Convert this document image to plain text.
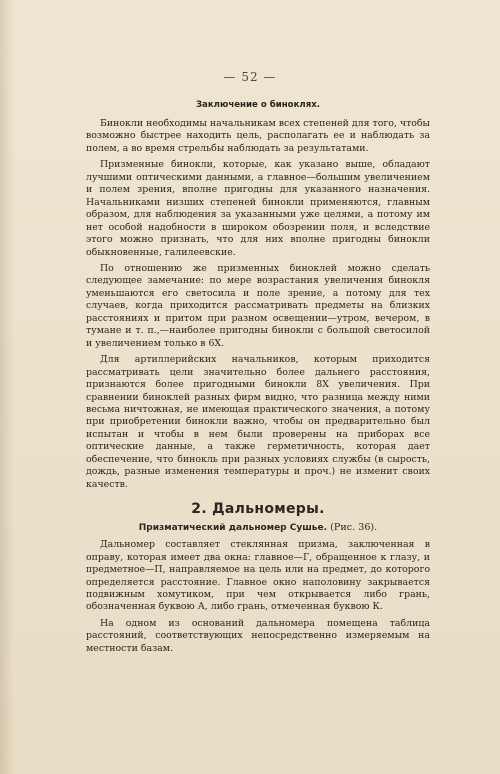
— 52 —
Заключение о биноклях.

Бинокли необходимы начальникам всех степеней для того, чтобы возможно быстрее находить цель, располагать ее и наблюдать за полем, а во время стрельбы наблюдать за результатами.

Призменные бинокли, которые, как указано выше, обладают лучшими оптическими данными, а главное—большим увеличением и полем зрения, вполне пригодны для указанного назначения. Начальниками низших степеней бинокли применяются, главным образом, для наблюдения за указанными уже целями, а потому им нет особой надобности в широком обозрении поля, и вследствие этого можно признать, что для них вполне пригодны бинокли обыкновенные, галилеевские.

По отношению же призменных биноклей можно сделать следующее замечание: по мере возрастания увеличения бинокля уменьшаются его светосила и поле зрение, а потому для тех случаев, когда приходится рассматривать предметы на близких расстояниях и притом при разном освещении—утром, вечером, в тумане и т. п.,—наиболее пригодны бинокли с большой светосилой и увеличением только в 6Х.

Для артиллерийских начальников, которым приходится рассматривать цели значительно более дальнего расстояния, признаются более пригодными бинокли 8Х увеличения. При сравнении биноклей разных фирм видно, что разница между ними весьма ничтожная, не имеющая практического значения, а потому при приобретении бинокли важно, чтобы он предварительно был испытан и чтобы в нем были проверены на приборах все оптические данные, а также герметичность, которая дает обеспечение, что бинокль при разных условиях службы (в сырость, дождь, разные изменения температуры и проч.) не изменит своих качеств.

2. Дальномеры.
Призматический дальномер Сушье. (Рис. 36).

Дальномер составляет стеклянная призма, заключенная в оправу, которая имеет два окна: главное—Г, обращенное к глазу, и предметное—П, направляемое на цель или на предмет, до которого определяется расстояние. Главное окно наполовину закрывается подвижным хомутиком, при чем открывается либо грань, обозначенная буквою А, либо грань, отмеченная буквою К.

На одном из оснований дальномера помещена таблица расстояний, соответствующих непосредственно измеряемым на местности базам.
